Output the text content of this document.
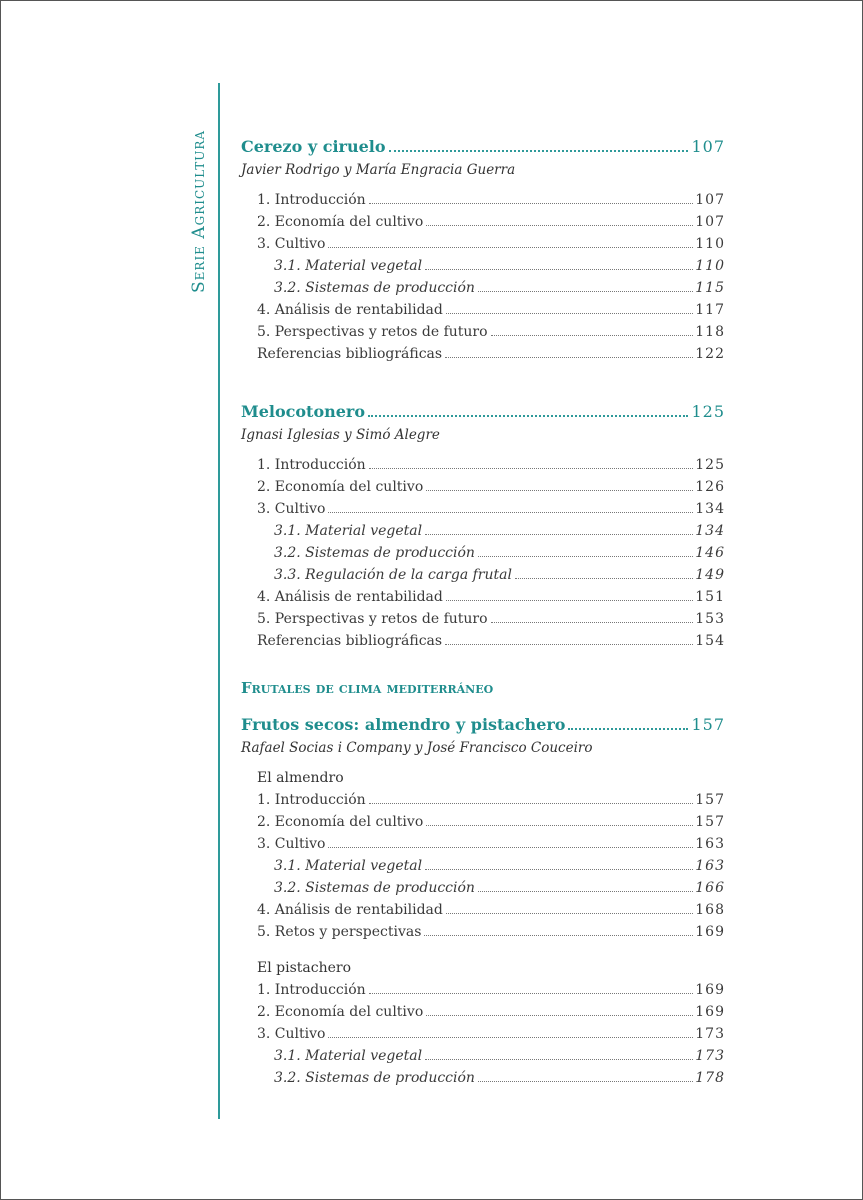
Serie Agricultura Cerezo y ciruelo	107
Javier Rodrigo y María Engracia Guerra
1. Introducción	107
2. Economía del cultivo	107
3. Cultivo	110
3.1. Material vegetal	110
3.2. Sistemas de producción	115
4. Análisis de rentabilidad	117
5. Perspectivas y retos de futuro	118
Referencias bibliográficas	122
Melocotonero	125
Ignasi Iglesias y Simó Alegre
1. Introducción	125
2. Economía del cultivo	126
3. Cultivo	134
3.1. Material vegetal	134
3.2. Sistemas de producción	146
3.3. Regulación de la carga frutal	149
4. Análisis de rentabilidad	151
5. Perspectivas y retos de futuro	153
Referencias bibliográficas	154
Frutales de clima mediterráneo
Frutos secos: almendro y pistachero	157
Rafael Socias i Company y José Francisco Couceiro
El almendro
1. Introducción	157
2. Economía del cultivo	157
3. Cultivo	163
3.1. Material vegetal	163
3.2. Sistemas de producción	166
4. Análisis de rentabilidad	168
5. Retos y perspectivas	169
El pistachero
1. Introducción	169
2. Economía del cultivo	169
3. Cultivo	173
3.1. Material vegetal	173
3.2. Sistemas de producción	178
